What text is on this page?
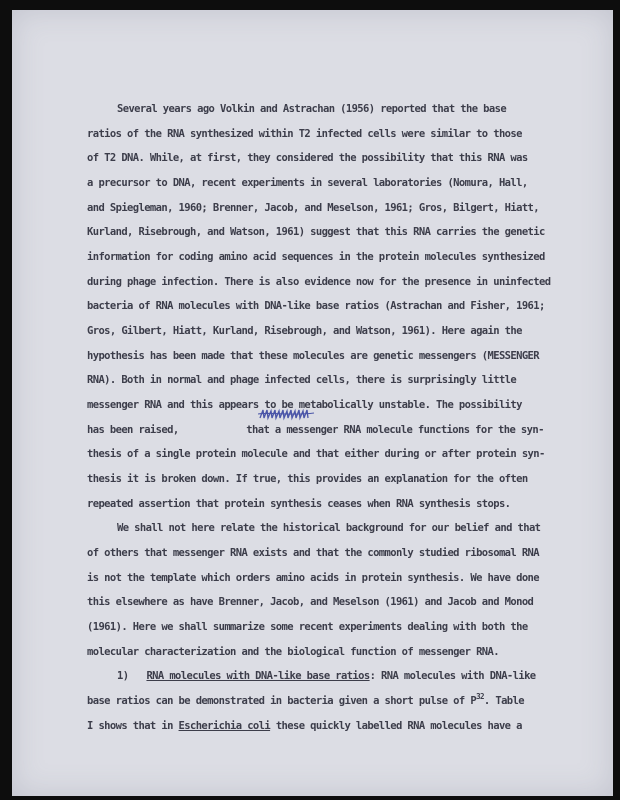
Several years ago Volkin and Astrachan (1956) reported that the base
ratios of the RNA synthesized within T2 infected cells were similar to those
of T2 DNA. While, at first, they considered the possibility that this RNA was
a precursor to DNA, recent experiments in several laboratories (Nomura, Hall,
and Spiegleman, 1960; Brenner, Jacob, and Meselson, 1961; Gros, Bilgert, Hiatt,
Kurland, Risebrough, and Watson, 1961) suggest that this RNA carries the genetic
information for coding amino acid sequences in the protein molecules synthesized
during phage infection. There is also evidence now for the presence in uninfected
bacteria of RNA molecules with DNA-like base ratios (Astrachan and Fisher, 1961;
Gros, Gilbert, Hiatt, Kurland, Risebrough, and Watson, 1961). Here again the
hypothesis has been made that these molecules are genetic messengers (MESSENGER
RNA). Both in normal and phage infected cells, there is surprisingly little
messenger RNA and this appears to be metabolically unstable. The possibility
has been raised,	that a messenger RNA molecule functions for the syn-
thesis of a single protein molecule and that either during or after protein syn-
thesis it is broken down. If true, this provides an explanation for the often
repeated assertion that protein synthesis ceases when RNA synthesis stops.
We shall not here relate the historical background for our belief and that
of others that messenger RNA exists and that the commonly studied ribosomal RNA
is not the template which orders amino acids in protein synthesis. We have done
this elsewhere as have Brenner, Jacob, and Meselson (1961) and Jacob and Monod
(1961). Here we shall summarize some recent experiments dealing with both the
molecular characterization and the biological function of messenger RNA.
1) RNA molecules with DNA-like base ratios: RNA molecules with DNA-like
base ratios can be demonstrated in bacteria given a short pulse of $P^{32}$. Table
I shows that in Escherichia coli these quickly labelled RNA molecules have a
